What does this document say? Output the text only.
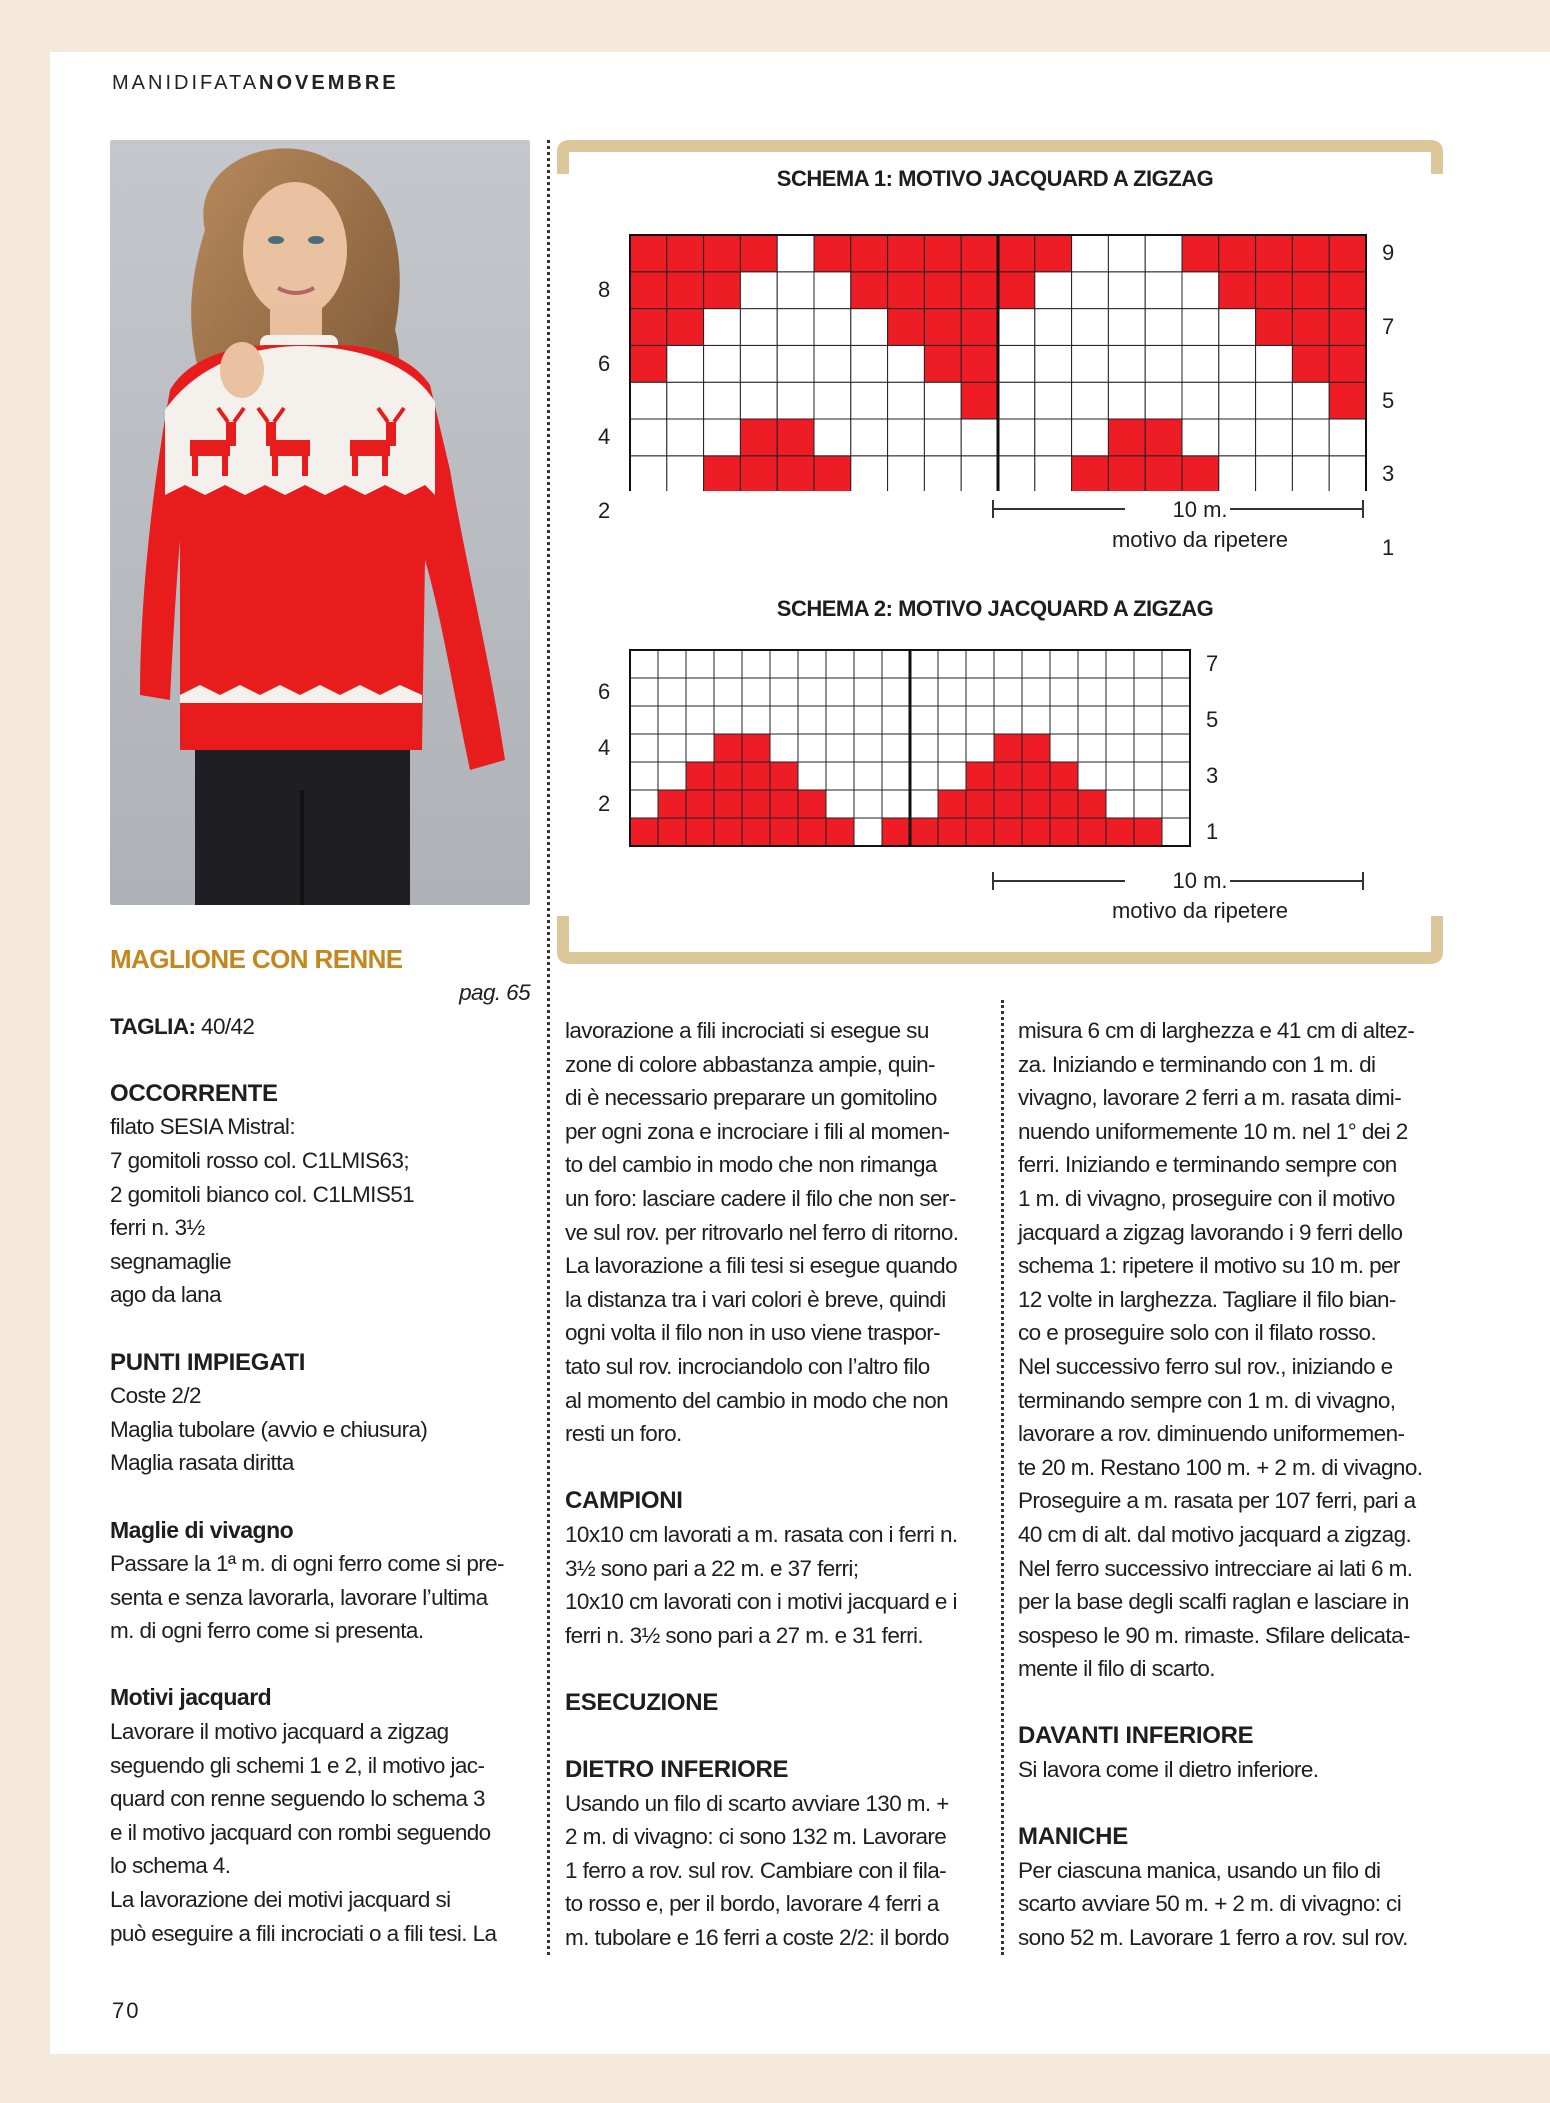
MANIDIFATANOVEMBRE
SCHEMA 1: MOTIVO JACQUARD A ZIGZAG
8
6
4
2
9
7
5
3
1
10 m.
motivo da ripetere
SCHEMA 2: MOTIVO JACQUARD A ZIGZAG
6
4
2
7
5
3
1
10 m.
motivo da ripetere
MAGLIONE CON RENNE
pag. 65

TAGLIA: 40/42

OCCORRENTE

filato SESIA Mistral:

7 gomitoli rosso col. C1LMIS63;

2 gomitoli bianco col. C1LMIS51

ferri n. 3½

segnamaglie

ago da lana

PUNTI IMPIEGATI

Coste 2/2

Maglia tubolare (avvio e chiusura)

Maglia rasata diritta

Maglie di vivagno

Passare la 1ª m. di ogni ferro come si pre-

senta e senza lavorarla, lavorare l’ultima

m. di ogni ferro come si presenta.

Motivi jacquard

Lavorare il motivo jacquard a zigzag

seguendo gli schemi 1 e 2, il motivo jac-

quard con renne seguendo lo schema 3

e il motivo jacquard con rombi seguendo

lo schema 4.

La lavorazione dei motivi jacquard si

può eseguire a fili incrociati o a fili tesi. La

lavorazione a fili incrociati si esegue su

zone di colore abbastanza ampie, quin-

di è necessario preparare un gomitolino

per ogni zona e incrociare i fili al momen-

to del cambio in modo che non rimanga

un foro: lasciare cadere il filo che non ser-

ve sul rov. per ritrovarlo nel ferro di ritorno.

La lavorazione a fili tesi si esegue quando

la distanza tra i vari colori è breve, quindi

ogni volta il filo non in uso viene traspor-

tato sul rov. incrociandolo con l’altro filo

al momento del cambio in modo che non

resti un foro.

CAMPIONI

10x10 cm lavorati a m. rasata con i ferri n.

3½ sono pari a 22 m. e 37 ferri;

10x10 cm lavorati con i motivi jacquard e i

ferri n. 3½ sono pari a 27 m. e 31 ferri.

ESECUZIONE
DIETRO INFERIORE

Usando un filo di scarto avviare 130 m. +

2 m. di vivagno: ci sono 132 m. Lavorare

1 ferro a rov. sul rov. Cambiare con il fila-

to rosso e, per il bordo, lavorare 4 ferri a

m. tubolare e 16 ferri a coste 2/2: il bordo

misura 6 cm di larghezza e 41 cm di altez-

za. Iniziando e terminando con 1 m. di

vivagno, lavorare 2 ferri a m. rasata dimi-

nuendo uniformemente 10 m. nel 1° dei 2

ferri. Iniziando e terminando sempre con

1 m. di vivagno, proseguire con il motivo

jacquard a zigzag lavorando i 9 ferri dello

schema 1: ripetere il motivo su 10 m. per

12 volte in larghezza. Tagliare il filo bian-

co e proseguire solo con il filato rosso.

Nel successivo ferro sul rov., iniziando e

terminando sempre con 1 m. di vivagno,

lavorare a rov. diminuendo uniformemen-

te 20 m. Restano 100 m. + 2 m. di vivagno.

Proseguire a m. rasata per 107 ferri, pari a

40 cm di alt. dal motivo jacquard a zigzag.

Nel ferro successivo intrecciare ai lati 6 m.

per la base degli scalfi raglan e lasciare in

sospeso le 90 m. rimaste. Sfilare delicata-

mente il filo di scarto.

DAVANTI INFERIORE

Si lavora come il dietro inferiore.

MANICHE

Per ciascuna manica, usando un filo di

scarto avviare 50 m. + 2 m. di vivagno: ci

sono 52 m. Lavorare 1 ferro a rov. sul rov.

70
